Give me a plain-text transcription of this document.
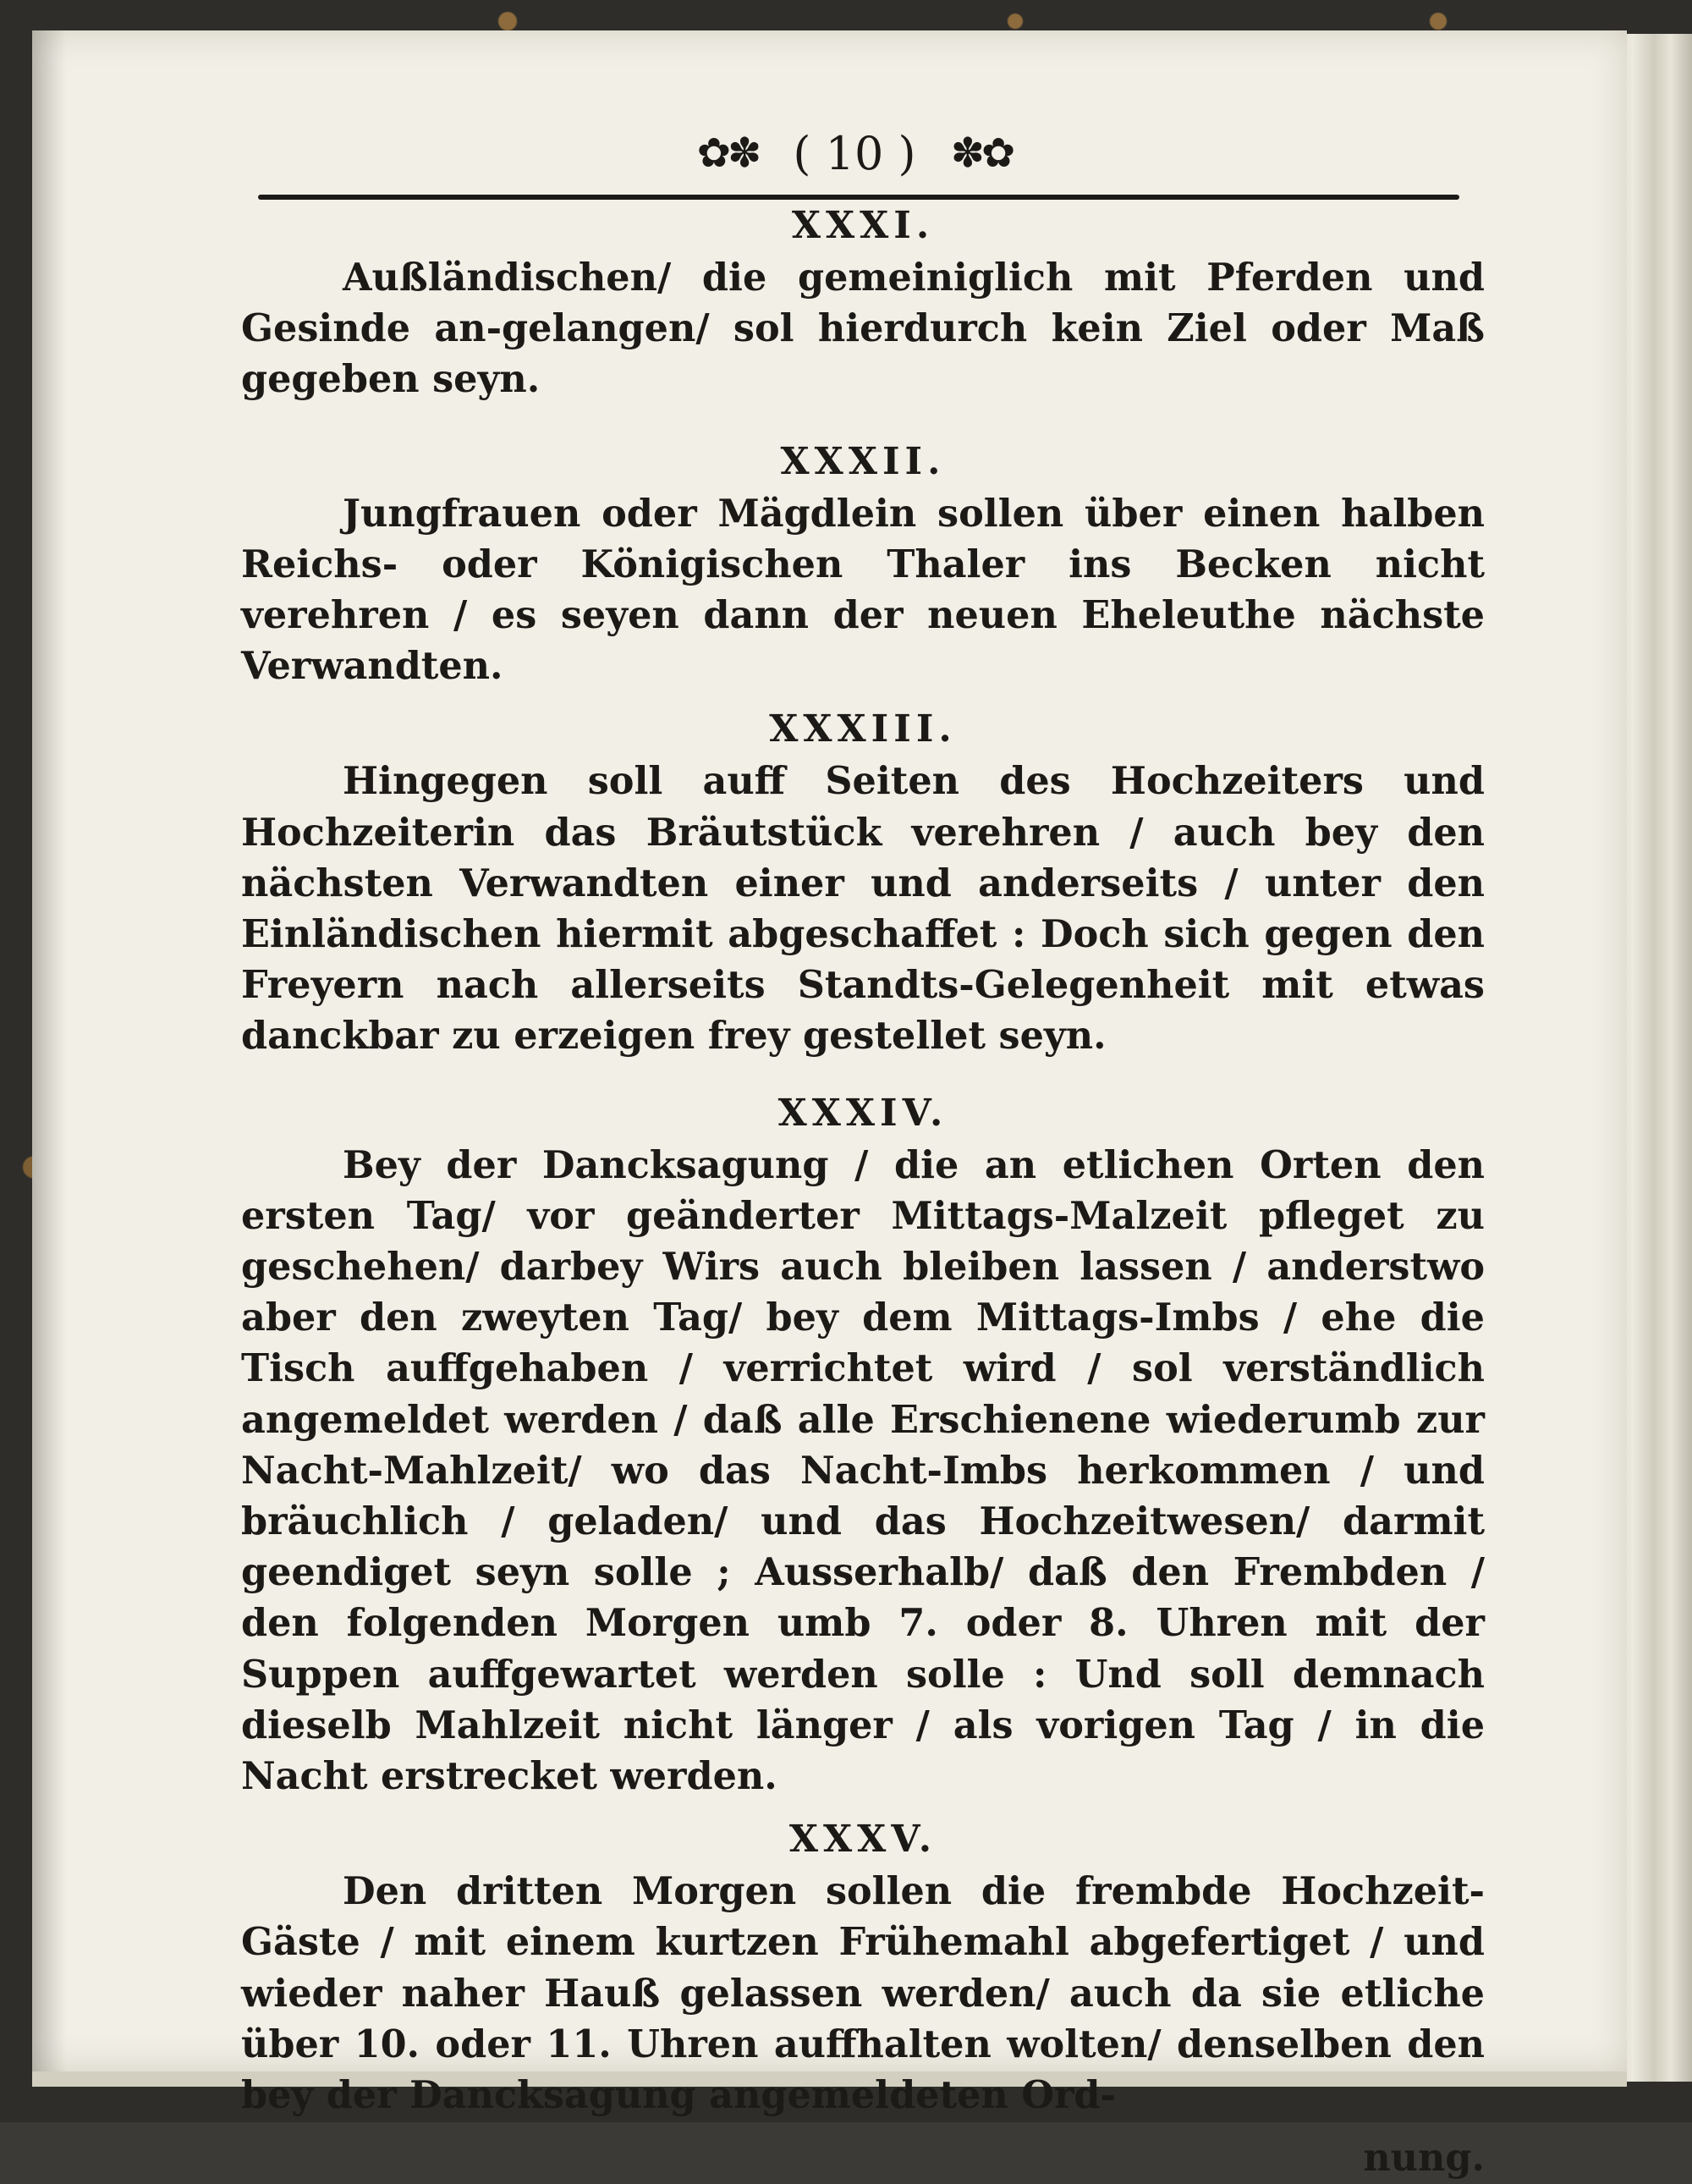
✿✽ ( 10 ) ✽✿
XXXI.

Außländischen/ die gemeiniglich mit Pferden und Gesinde an-gelangen/ sol hierdurch kein Ziel oder Maß gegeben seyn.

XXXII.

Jungfrauen oder Mägdlein sollen über einen halben Reichs- oder Königischen Thaler ins Becken nicht verehren / es seyen dann der neuen Eheleuthe nächste Verwandten.

XXXIII.

Hingegen soll auff Seiten des Hochzeiters und Hochzeiterin das Bräutstück verehren / auch bey den nächsten Verwandten einer und anderseits / unter den Einländischen hiermit abgeschaffet : Doch sich gegen den Freyern nach allerseits Standts-Gelegenheit mit etwas danckbar zu erzeigen frey gestellet seyn.

XXXIV.

Bey der Dancksagung / die an etlichen Orten den ersten Tag/ vor geänderter Mittags-Malzeit pfleget zu geschehen/ darbey Wirs auch bleiben lassen / anderstwo aber den zweyten Tag/ bey dem Mittags-Imbs / ehe die Tisch auffgehaben / verrichtet wird / sol verständlich angemeldet werden / daß alle Erschienene wiederumb zur Nacht-Mahlzeit/ wo das Nacht-Imbs herkommen / und bräuchlich / geladen/ und das Hochzeitwesen/ darmit geendiget seyn solle ; Ausserhalb/ daß den Frembden / den folgenden Morgen umb 7. oder 8. Uhren mit der Suppen auffgewartet werden solle : Und soll demnach dieselb Mahlzeit nicht länger / als vorigen Tag / in die Nacht erstrecket werden.

XXXV.

Den dritten Morgen sollen die frembde Hochzeit-Gäste / mit einem kurtzen Frühemahl abgefertiget / und wieder naher Hauß gelassen werden/ auch da sie etliche über 10. oder 11. Uhren auffhalten wolten/ denselben den bey der Dancksagung angemeldeten Ord-

nung.
